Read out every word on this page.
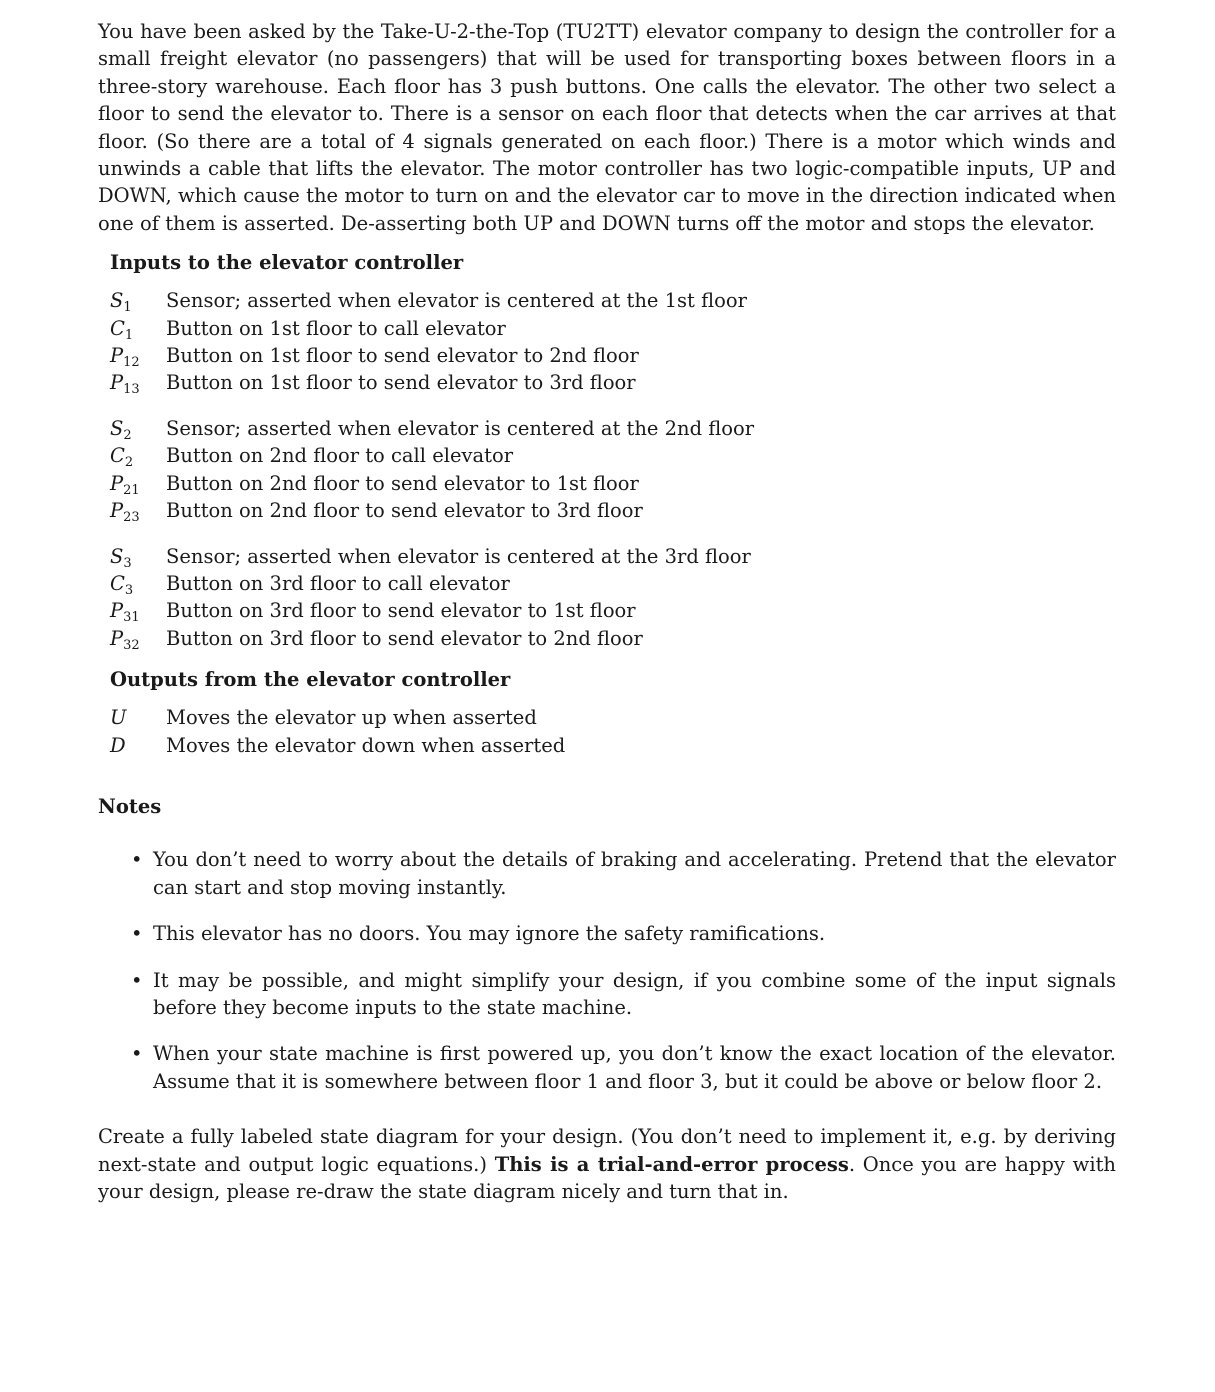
You have been asked by the Take-U-2-the-Top (TU2TT) elevator company to design the controller for a small freight elevator (no passengers) that will be used for transporting boxes between floors in a three-story warehouse. Each floor has 3 push buttons. One calls the elevator. The other two select a floor to send the elevator to. There is a sensor on each floor that detects when the car arrives at that floor. (So there are a total of 4 signals generated on each floor.) There is a motor which winds and unwinds a cable that lifts the elevator. The motor controller has two logic-compatible inputs, UP and DOWN, which cause the motor to turn on and the elevator car to move in the direction indicated when one of them is asserted. De-asserting both UP and DOWN turns off the motor and stops the elevator.

Inputs to the elevator controller
$S_1$	Sensor; asserted when elevator is centered at the 1st floor
$C_1$	Button on 1st floor to call elevator
$P_{12}$	Button on 1st floor to send elevator to 2nd floor
$P_{13}$	Button on 1st floor to send elevator to 3rd floor

$S_2$	Sensor; asserted when elevator is centered at the 2nd floor
$C_2$	Button on 2nd floor to call elevator
$P_{21}$	Button on 2nd floor to send elevator to 1st floor
$P_{23}$	Button on 2nd floor to send elevator to 3rd floor

$S_3$	Sensor; asserted when elevator is centered at the 3rd floor
$C_3$	Button on 3rd floor to call elevator
$P_{31}$	Button on 3rd floor to send elevator to 1st floor
$P_{32}$	Button on 3rd floor to send elevator to 2nd floor
Outputs from the elevator controller
U	Moves the elevator up when asserted
D	Moves the elevator down when asserted
Notes
• You don’t need to worry about the details of braking and accelerating. Pretend that the elevator can start and stop moving instantly.
• This elevator has no doors. You may ignore the safety ramifications.
• It may be possible, and might simplify your design, if you combine some of the input signals before they become inputs to the state machine.
• When your state machine is first powered up, you don’t know the exact location of the elevator. Assume that it is somewhere between floor 1 and floor 3, but it could be above or below floor 2.

Create a fully labeled state diagram for your design. (You don’t need to implement it, e.g. by deriving next-state and output logic equations.) This is a trial-and-error process. Once you are happy with your design, please re-draw the state diagram nicely and turn that in.
